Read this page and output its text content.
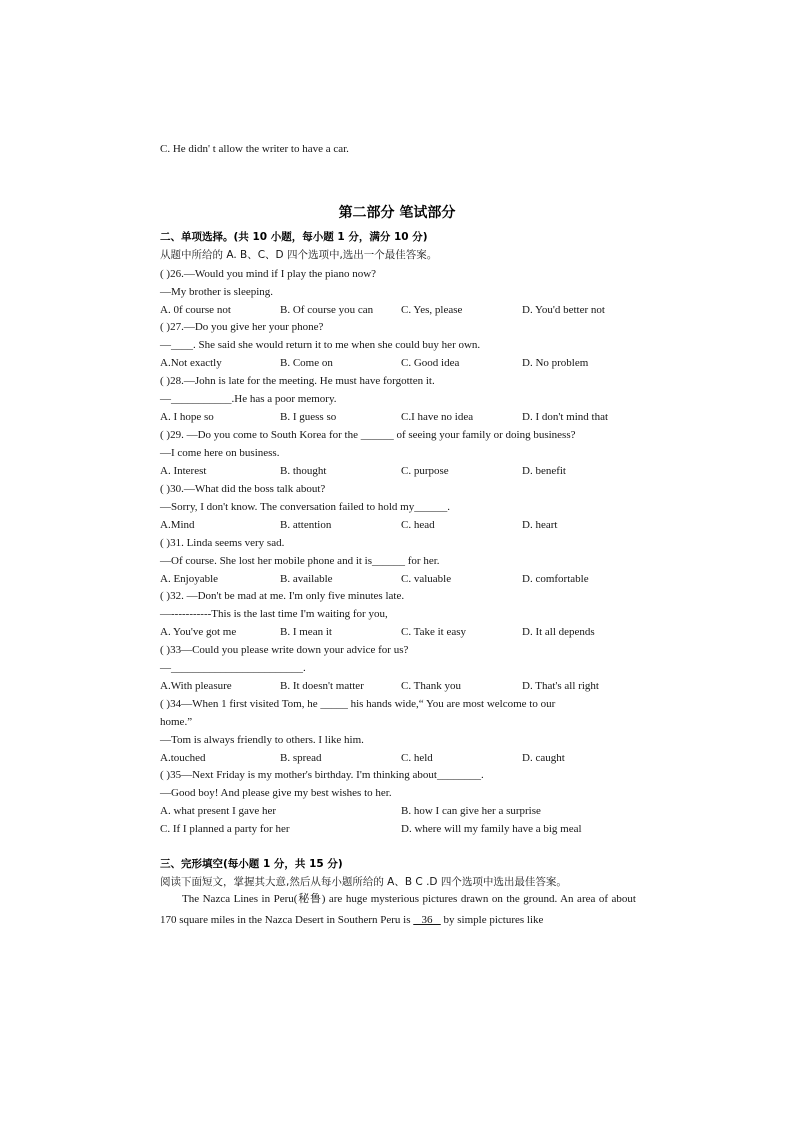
C. He didn' t allow the writer to have a car.
第二部分 笔试部分
二、单项选择。(共 10 小题，每小题 1 分，满分 10 分)
从题中所给的 A. B、C、D 四个选项中,选出一个最佳答案。
( )26.—Would you mind if I play the piano now?
—My brother is sleeping.
A. 0f course not	B. Of course you can	C. Yes, please	D. You'd better not
( )27.—Do you give her your phone?
—____. She said she would return it to me when she could buy her own.
A.Not exactly	B. Come on	C. Good idea	D. No problem
( )28.—John is late for the meeting. He must have forgotten it.
—___________.He has a poor memory.
A. I hope so	B. I guess so	C.I have no idea	D. I don't mind that
( )29. —Do you come to South Korea for the ______ of seeing your family or doing business?
—I come here on business.
A. Interest	B. thought	C. purpose	D. benefit
( )30.—What did the boss talk about?
—Sorry, I don't know. The conversation failed to hold my______.
A.Mind	B. attention	C. head	D. heart
( )31. Linda seems very sad.
—Of course. She lost her mobile phone and it is______ for her.
A. Enjoyable	B. available	C. valuable	D. comfortable
( )32. —Don't be mad at me. I'm only five minutes late.
—-----------This is the last time I'm waiting for you,
A. You've got me	B. I mean it	C. Take it easy	D. It all depends
( )33—Could you please write down your advice for us?
—________________________.
A.With pleasure	B. It doesn't matter	C. Thank you	D. That's all right
( )34—When 1 first visited Tom, he _____ his hands wide,“ You are most welcome to our
home.”
—Tom is always friendly to others. I like him.
A.touched	B. spread	C. held	D. caught
( )35—Next Friday is my mother's birthday. I'm thinking about________.
—Good boy! And please give my best wishes to her.
A. what present I gave her	B. how I can give her a surprise
C. If I planned a party for her	D. where will my family have a big meal
三、完形填空(每小题 1 分，共 15 分)
阅读下面短文，掌握其大意,然后从每小题所给的 A、B C .D 四个选项中选出最佳答案。
The Nazca Lines in Peru(秘鲁) are huge mysterious pictures drawn on the ground. An area of about 170 square miles in the Nazca Desert in Southern Peru is 36 by simple pictures like
